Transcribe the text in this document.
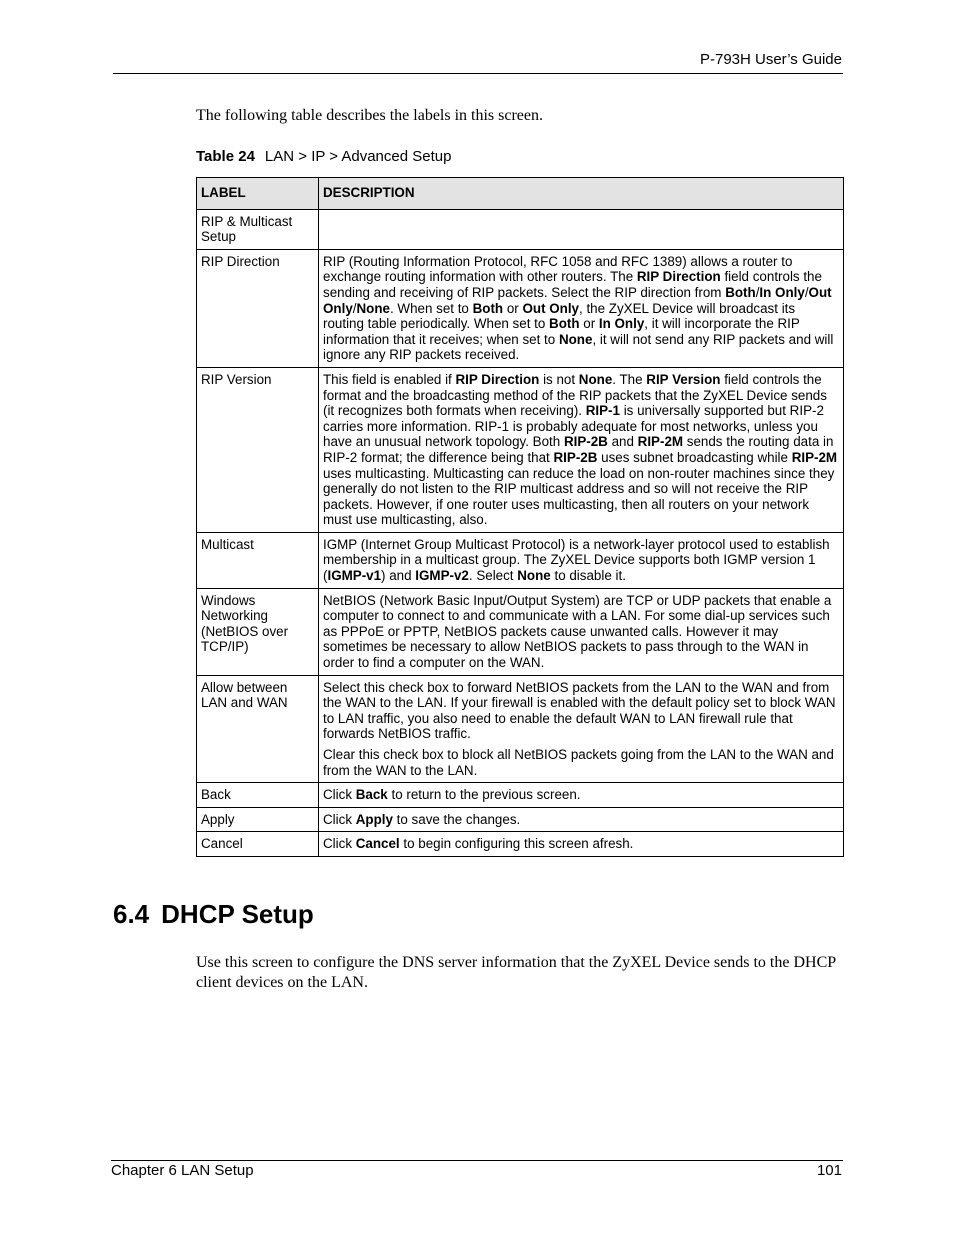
P-793H User’s Guide
The following table describes the labels in this screen.
Table 24 LAN > IP > Advanced Setup
LABEL	DESCRIPTION
RIP & Multicast Setup	
RIP Direction	RIP (Routing Information Protocol, RFC 1058 and RFC 1389) allows a router to exchange routing information with other routers. The RIP Direction field controls the sending and receiving of RIP packets. Select the RIP direction from Both/In Only/Out Only/None. When set to Both or Out Only, the ZyXEL Device will broadcast its routing table periodically. When set to Both or In Only, it will incorporate the RIP information that it receives; when set to None, it will not send any RIP packets and will ignore any RIP packets received.

RIP Version	This field is enabled if RIP Direction is not None. The RIP Version field controls the format and the broadcasting method of the RIP packets that the ZyXEL Device sends (it recognizes both formats when receiving). RIP-1 is universally supported but RIP-2 carries more information. RIP-1 is probably adequate for most networks, unless you have an unusual network topology. Both RIP-2B and RIP-2M sends the routing data in RIP-2 format; the difference being that RIP-2B uses subnet broadcasting while RIP-2M uses multicasting. Multicasting can reduce the load on non-router machines since they generally do not listen to the RIP multicast address and so will not receive the RIP packets. However, if one router uses multicasting, then all routers on your network must use multicasting, also.

Multicast	IGMP (Internet Group Multicast Protocol) is a network-layer protocol used to establish membership in a multicast group. The ZyXEL Device supports both IGMP version 1 (IGMP-v1) and IGMP-v2. Select None to disable it.

Windows Networking (NetBIOS over TCP/IP)	NetBIOS (Network Basic Input/Output System) are TCP or UDP packets that enable a computer to connect to and communicate with a LAN. For some dial-up services such as PPPoE or PPTP, NetBIOS packets cause unwanted calls. However it may sometimes be necessary to allow NetBIOS packets to pass through to the WAN in order to find a computer on the WAN.

Allow between LAN and WAN	Select this check box to forward NetBIOS packets from the LAN to the WAN and from the WAN to the LAN. If your firewall is enabled with the default policy set to block WAN to LAN traffic, you also need to enable the default WAN to LAN firewall rule that forwards NetBIOS traffic.

Clear this check box to block all NetBIOS packets going from the LAN to the WAN and from the WAN to the LAN.

Back	Click Back to return to the previous screen.

Apply	Click Apply to save the changes.

Cancel	Click Cancel to begin configuring this screen afresh.

6.4 DHCP Setup
Use this screen to configure the DNS server information that the ZyXEL Device sends to the DHCP client devices on the LAN.
Chapter 6 LAN Setup	101
